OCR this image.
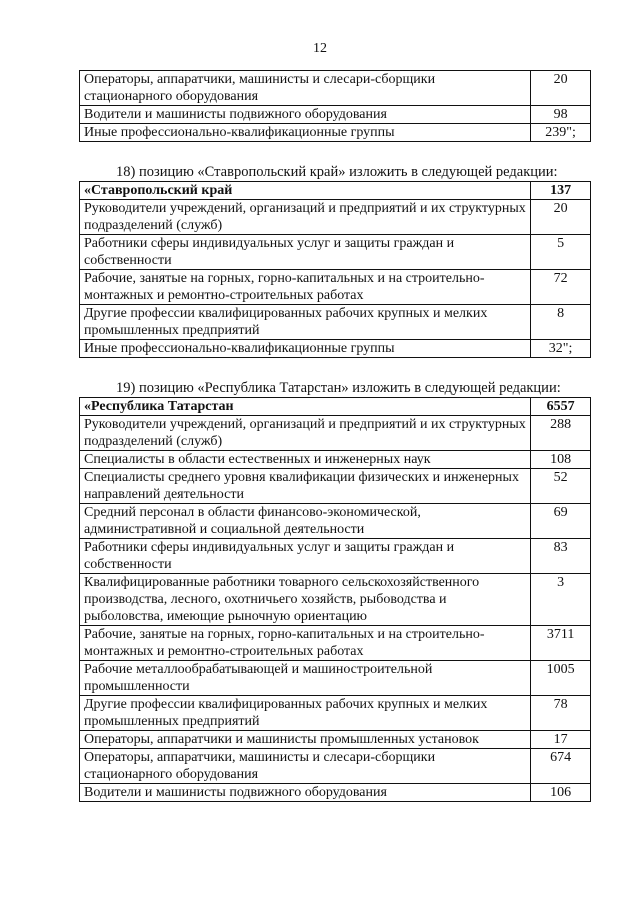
12
Операторы, аппаратчики, машинисты и слесари-сборщики стационарного оборудования	20
Водители и машинисты подвижного оборудования	98
Иные профессионально-квалификационные группы	239";
18) позицию «Ставропольский край» изложить в следующей редакции:
«Ставропольский край	137
Руководители учреждений, организаций и предприятий и их структурных подразделений (служб)	20
Работники сферы индивидуальных услуг и защиты граждан и собственности	5
Рабочие, занятые на горных, горно-капитальных и на строительно-монтажных и ремонтно-строительных работах	72
Другие профессии квалифицированных рабочих крупных и мелких промышленных предприятий	8
Иные профессионально-квалификационные группы	32";
19) позицию «Республика Татарстан» изложить в следующей редакции:
«Республика Татарстан	6557
Руководители учреждений, организаций и предприятий и их структурных подразделений (служб)	288
Специалисты в области естественных и инженерных наук	108
Специалисты среднего уровня квалификации физических и инженерных направлений деятельности	52
Средний персонал в области финансово-экономической, административной и социальной деятельности	69
Работники сферы индивидуальных услуг и защиты граждан и собственности	83
Квалифицированные работники товарного сельскохозяйственного производства, лесного, охотничьего хозяйств, рыбоводства и рыболовства, имеющие рыночную ориентацию	3
Рабочие, занятые на горных, горно-капитальных и на строительно-монтажных и ремонтно-строительных работах	3711
Рабочие металлообрабатывающей и машиностроительной промышленности	1005
Другие профессии квалифицированных рабочих крупных и мелких промышленных предприятий	78
Операторы, аппаратчики и машинисты промышленных установок	17
Операторы, аппаратчики, машинисты и слесари-сборщики стационарного оборудования	674
Водители и машинисты подвижного оборудования	106
